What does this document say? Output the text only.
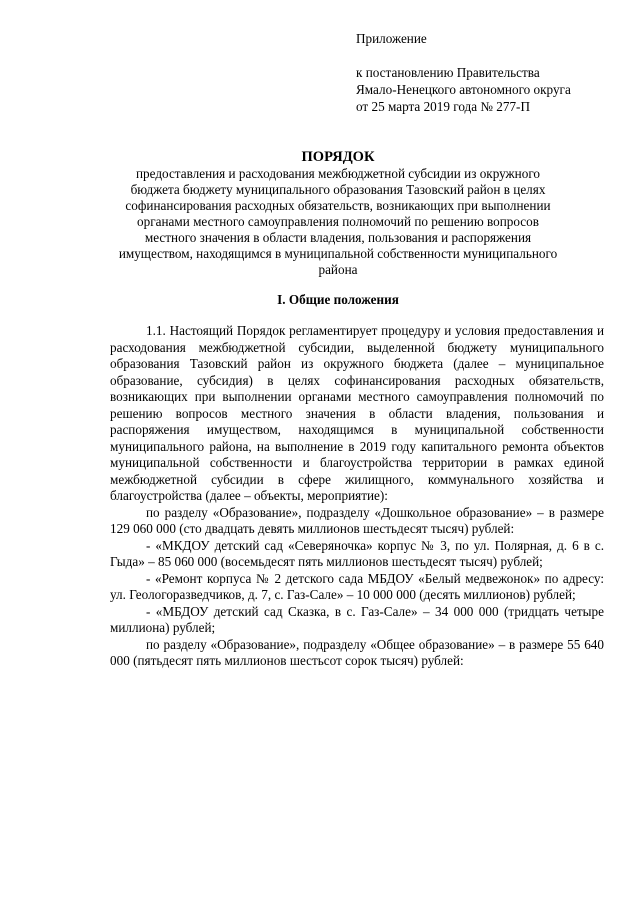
Приложение
к постановлению Правительства
Ямало-Ненецкого автономного округа
от 25 марта 2019 года № 277-П
ПОРЯДОК
предоставления и расходования межбюджетной субсидии из окружного бюджета бюджету муниципального образования Тазовский район в целях софинансирования расходных обязательств, возникающих при выполнении органами местного самоуправления полномочий по решению вопросов местного значения в области владения, пользования и распоряжения имуществом, находящимся в муниципальной собственности муниципального района
I. Общие положения

1.1. Настоящий Порядок регламентирует процедуру и условия предоставления и расходования межбюджетной субсидии, выделенной бюджету муниципального образования Тазовский район из окружного бюджета (далее – муниципальное образование, субсидия) в целях софинансирования расходных обязательств, возникающих при выполнении органами местного самоуправления полномочий по решению вопросов местного значения в области владения, пользования и распоряжения имуществом, находящимся в муниципальной собственности муниципального района, на выполнение в 2019 году капитального ремонта объектов муниципальной собственности и благоустройства территории в рамках единой межбюджетной субсидии в сфере жилищного, коммунального хозяйства и благоустройства (далее – объекты, мероприятие):

по разделу «Образование», подразделу «Дошкольное образование» – в размере 129 060 000 (сто двадцать девять миллионов шестьдесят тысяч) рублей:

- «МКДОУ детский сад «Северяночка» корпус № 3, по ул. Полярная, д. 6 в с. Гыда» – 85 060 000 (восемьдесят пять миллионов шестьдесят тысяч) рублей;

- «Ремонт корпуса № 2 детского сада МБДОУ «Белый медвежонок» по адресу: ул. Геологоразведчиков, д. 7, с. Газ-Сале» – 10 000 000 (десять миллионов) рублей;

- «МБДОУ детский сад Сказка, в с. Газ-Сале» – 34 000 000 (тридцать четыре миллиона) рублей;

по разделу «Образование», подразделу «Общее образование» – в размере 55 640 000 (пятьдесят пять миллионов шестьсот сорок тысяч) рублей:
